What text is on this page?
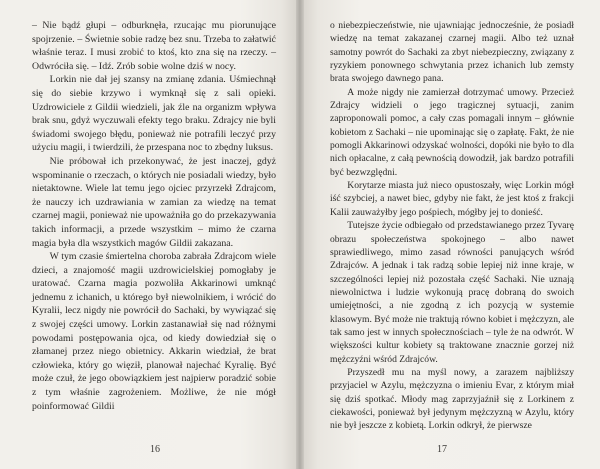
– Nie bądź głupi – odburknęła, rzucając mu piorunujące spojrzenie. – Świetnie sobie radzę bez snu. Trzeba to załatwić właśnie teraz. I musi zrobić to ktoś, kto zna się na rzeczy. – Odwróciła się. – Idź. Zrób sobie wolne dziś w nocy.

Lorkin nie dał jej szansy na zmianę zdania. Uśmiechnął się do siebie krzywo i wymknął się z sali opieki. Uzdrowiciele z Gildii wiedzieli, jak źle na organizm wpływa brak snu, gdyż wyczuwali efekty tego braku. Zdrajcy nie byli świadomi swojego błędu, ponieważ nie potrafili leczyć przy użyciu magii, i twierdzili, że przespana noc to zbędny luksus.

Nie próbował ich przekonywać, że jest inaczej, gdyż wspominanie o rzeczach, o których nie posiadali wiedzy, było nietaktowne. Wiele lat temu jego ojciec przyrzekł Zdrajcom, że nauczy ich uzdrawiania w zamian za wiedzę na temat czarnej magii, ponieważ nie upoważniła go do przekazywania takich informacji, a przede wszystkim – mimo że czarna magia była dla wszystkich magów Gildii zakazana.

W tym czasie śmiertelna choroba zabrała Zdrajcom wiele dzieci, a znajomość magii uzdrowicielskiej pomogłaby je uratować. Czarna magia pozwoliła Akkarinowi umknąć jednemu z ichanich, u którego był niewolnikiem, i wrócić do Kyralii, lecz nigdy nie powrócił do Sachaki, by wywiązać się z swojej części umowy. Lorkin zastanawiał się nad różnymi powodami postępowania ojca, od kiedy dowiedział się o złamanej przez niego obietnicy. Akkarin wiedział, że brat człowieka, który go więził, planował najechać Kyralię. Być może czuł, że jego obowiązkiem jest najpierw poradzić sobie z tym właśnie zagrożeniem. Możliwe, że nie mógł poinformować Gildii

16

o niebezpieczeństwie, nie ujawniając jednocześnie, że posiadł wiedzę na temat zakazanej czarnej magii. Albo też uznał samotny powrót do Sachaki za zbyt niebezpieczny, związany z ryzykiem ponownego schwytania przez ichanich lub zemsty brata swojego dawnego pana.

A może nigdy nie zamierzał dotrzymać umowy. Przecież Zdrajcy widzieli o jego tragicznej sytuacji, zanim zaproponowali pomoc, a cały czas pomagali innym – głównie kobietom z Sachaki – nie upominając się o zapłatę. Fakt, że nie pomogli Akkarinowi odzyskać wolności, dopóki nie było to dla nich opłacalne, z całą pewnością dowodził, jak bardzo potrafili być bezwzględni.

Korytarze miasta już nieco opustoszały, więc Lorkin mógł iść szybciej, a nawet biec, gdyby nie fakt, że jest ktoś z frakcji Kalii zauważyłby jego pośpiech, mógłby jej to donieść.

Tutejsze życie odbiegało od przedstawianego przez Tyvarę obrazu społeczeństwa spokojnego – albo nawet sprawiedliwego, mimo zasad równości panujących wśród Zdrajców. A jednak i tak radzą sobie lepiej niż inne kraje, w szczególności lepiej niż pozostała część Sachaki. Nie uznają niewolnictwa i ludzie wykonują pracę dobraną do swoich umiejętności, a nie zgodną z ich pozycją w systemie klasowym. Być może nie traktują równo kobiet i mężczyzn, ale tak samo jest w innych społecznościach – tyle że na odwrót. W większości kultur kobiety są traktowane znacznie gorzej niż mężczyźni wśród Zdrajców.

Przyszedł mu na myśl nowy, a zarazem najbliższy przyjaciel w Azylu, mężczyzna o imieniu Evar, z którym miał się dziś spotkać. Młody mag zaprzyjaźnił się z Lorkinem z ciekawości, ponieważ był jedynym mężczyzną w Azylu, który nie był jeszcze z kobietą. Lorkin odkrył, że pierwsze

17
